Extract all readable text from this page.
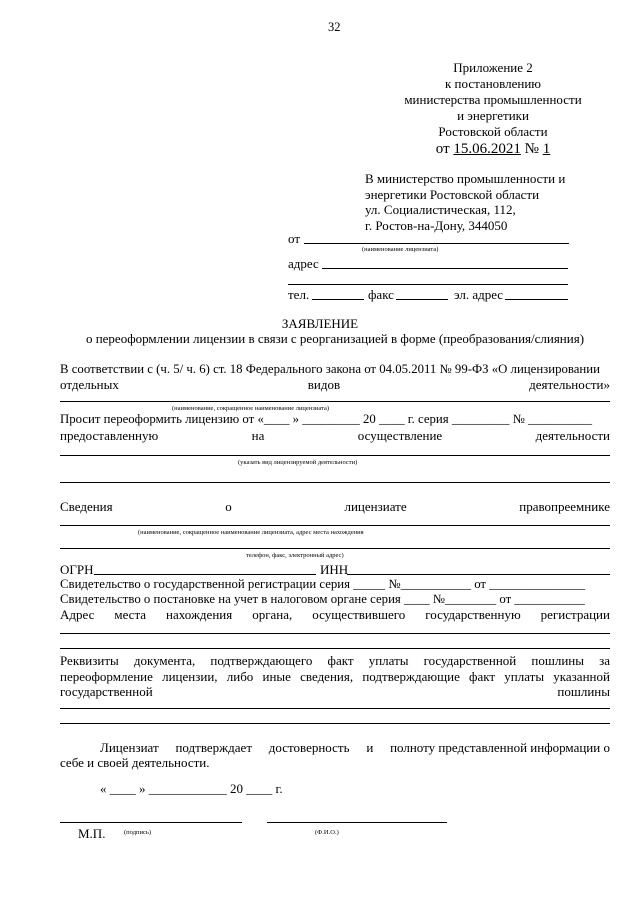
32
Приложение 2
к постановлению
министерства промышленности
и энергетики
Ростовской области
от 15.06.2021 № 1
В министерство промышленности и
энергетики Ростовской области
ул. Социалистическая, 112,
г. Ростов-на-Дону, 344050
от
(наименование лицензиата)
адрес
тел.	факс	эл. адрес
ЗАЯВЛЕНИЕ
о переоформлении лицензии в связи с реорганизацией в форме (преобразования/слияния)
В соответствии с (ч. 5/ ч. 6) ст. 18 Федерального закона от 04.05.2011 № 99-ФЗ «О лицензировании
отдельных	видов	деятельности»
(наименование, сокращенное наименование лицензиата)
Просит переоформить лицензию от «____ » _________ 20 ____ г. серия _________ № __________
предоставленную	на	осуществление	деятельности
(указать вид лицензируемой деятельности)
Сведения	о	лицензиате	правопреемнике
(наименование, сокращенное наименование лицензиата, адрес места нахождения
телефон, факс, электронный адрес)
ОГРН	ИНН
Свидетельство о государственной регистрации серия _____ №___________ от _______________
Свидетельство о постановке на учет в налоговом органе серия ____ №________ от ___________
Адрес места нахождения органа, осуществившего государственную регистрации
Реквизиты документа, подтверждающего факт уплаты государственной пошлины за
переоформление лицензии, либо иные сведения, подтверждающие факт уплаты указанной
государственной	пошлины
Лицензиат подтверждает достоверность и полноту представленной информации о
себе и своей деятельности.
« ____ » ____________ 20 ____ г.
М.П.	(подпись)	(Ф.И.О.)
